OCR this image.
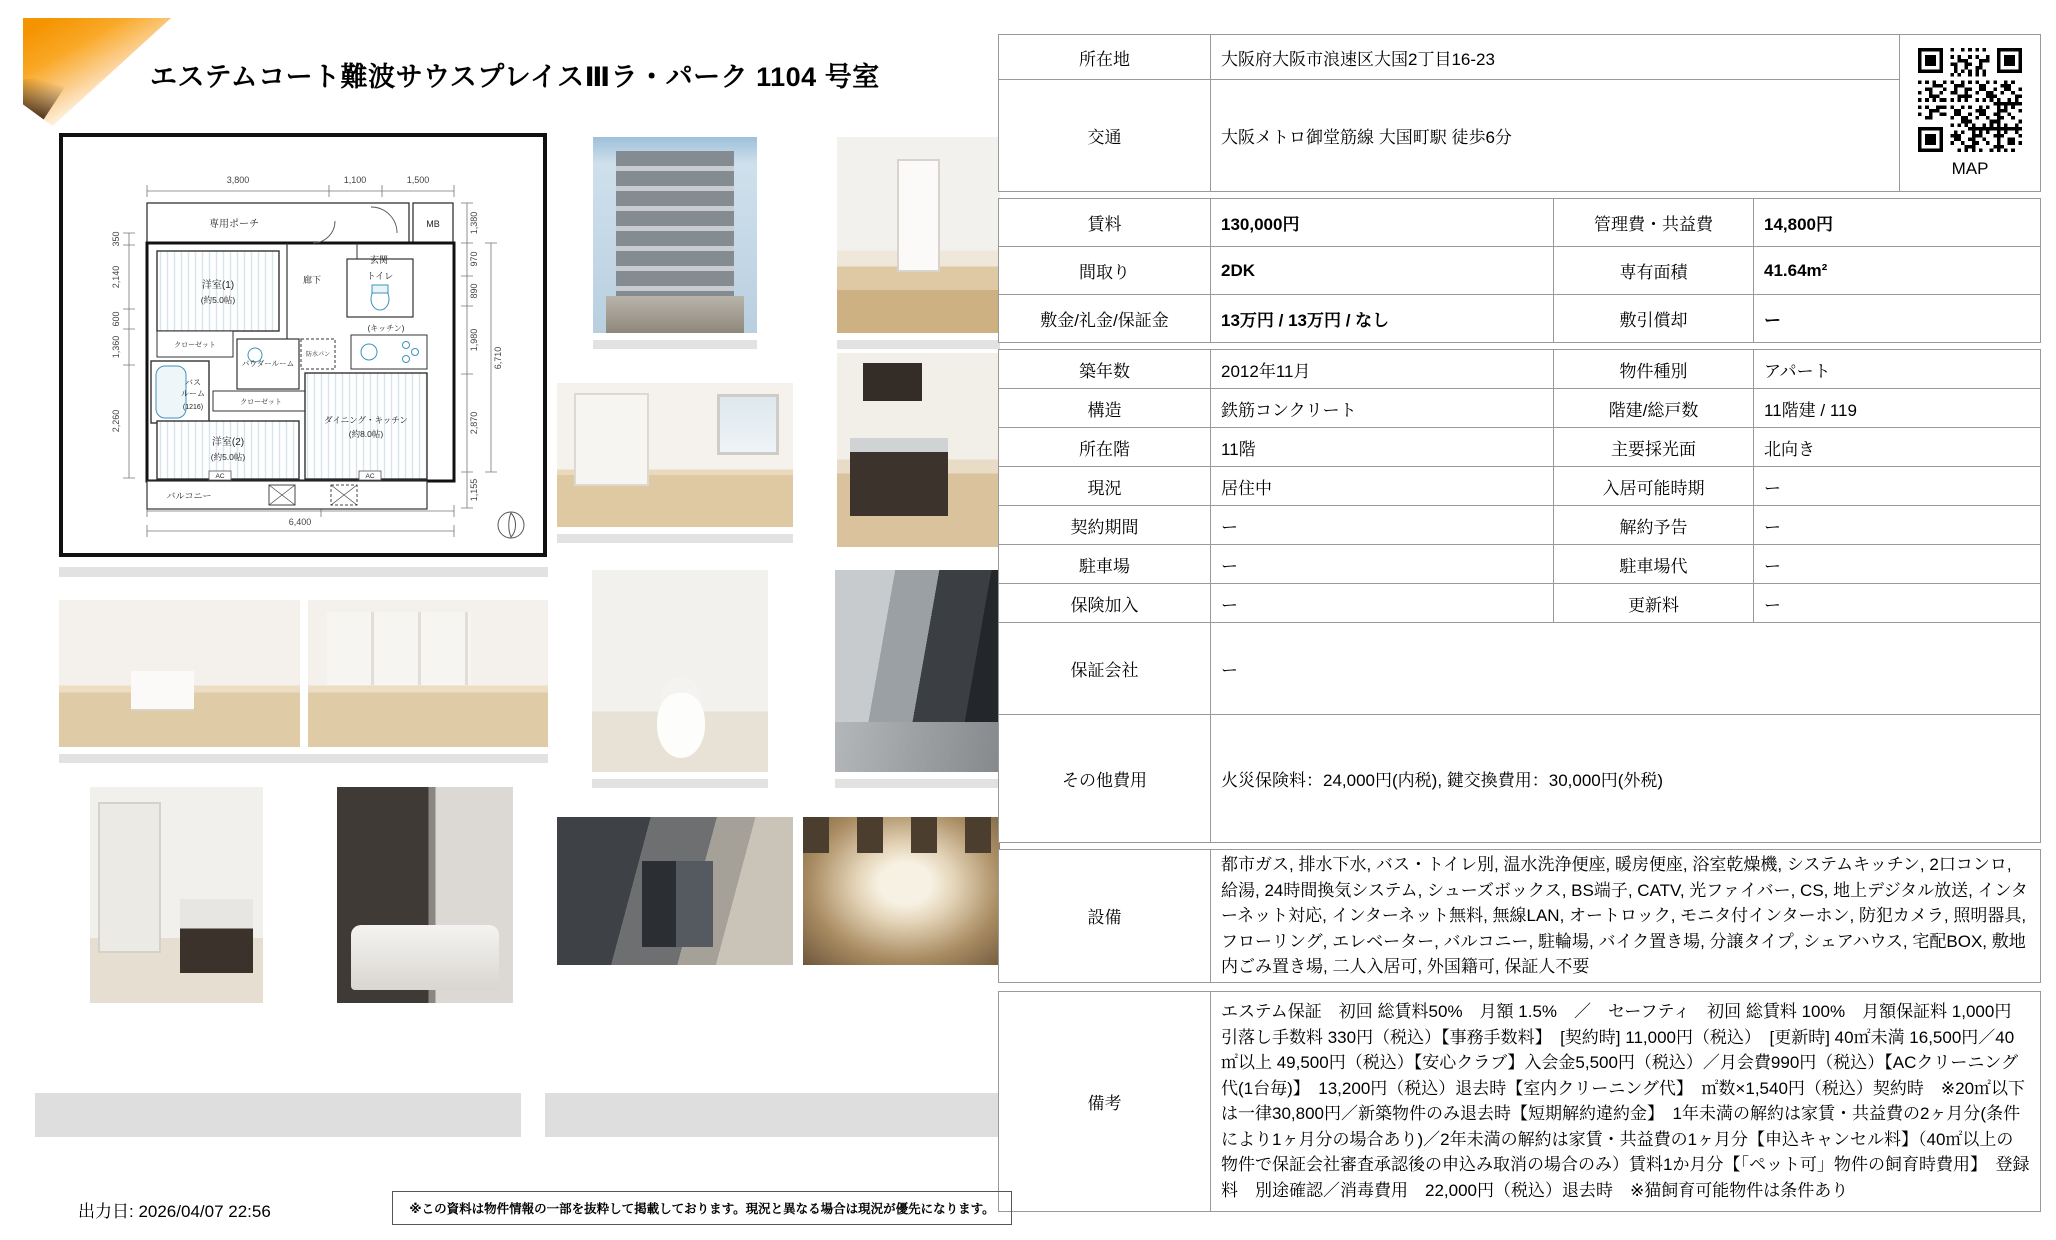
エステムコート難波サウスプレイスⅢラ・パーク 1104 号室
3,800	1,100	1,500
6,400
1,380
970
890
1,980
2,870
6,710
1,155
350
2,140
600
1,360
2,260
専用ポーチ
玄関
MB
洋室(1)
(約5.0帖)
廊下	トイレ
(キッチン)
クローゼット
パウダールーム
防水パン
バス
ルーム
(1216)
クローゼット
洋室(2)
(約5.0帖)
ダイニング・キッチン
(約8.0帖)
バルコニー
AC	AC
所在地	大阪府大阪市浪速区大国2丁目16-23	MAP

交通	大阪メトロ御堂筋線 大国町駅 徒歩6分	
賃料	130,000円	管理費・共益費	14,800円
間取り	2DK	専有面積	41.64m²
敷金/礼金/保証金	13万円 / 13万円 / なし	敷引償却	ー
築年数	2012年11月	物件種別	アパート
構造	鉄筋コンクリート	階建/総戸数	11階建 / 119
所在階	11階	主要採光面	北向き
現況	居住中	入居可能時期	ー
契約期間	ー	解約予告	ー
駐車場	ー	駐車場代	ー
保険加入	ー	更新料	ー
保証会社	ー		
その他費用	火災保険料：24,000円(内税), 鍵交換費用：30,000円(外税)		
設備	都市ガス, 排水下水, バス・トイレ別, 温水洗浄便座, 暖房便座, 浴室乾燥機, システムキッチン, 2口コンロ, 給湯, 24時間換気システム, シューズボックス, BS端子, CATV, 光ファイバー, CS, 地上デジタル放送, インターネット対応, インターネット無料, 無線LAN, オートロック, モニタ付インターホン, 防犯カメラ, 照明器具, フローリング, エレベーター, バルコニー, 駐輪場, バイク置き場, 分譲タイプ, シェアハウス, 宅配BOX, 敷地内ごみ置き場, 二人入居可, 外国籍可, 保証人不要
備考	エステム保証　初回 総賃料50%　月額 1.5%　／　セーフティ　初回 総賃料 100%　月額保証料 1,000円　引落し手数料 330円（税込）【事務手数料】　[契約時] 11,000円（税込）　[更新時] 40㎡未満 16,500円／40㎡以上 49,500円（税込）【安心クラブ】入会金5,500円（税込）／月会費990円（税込）【ACクリーニング代(1台毎)】　13,200円（税込）退去時【室内クリーニング代】　㎡数×1,540円（税込）契約時　※20㎡以下は一律30,800円／新築物件のみ退去時【短期解約違約金】　1年未満の解約は家賃・共益費の2ヶ月分(条件により1ヶ月分の場合あり)／2年未満の解約は家賃・共益費の1ヶ月分【申込キャンセル料】（40㎡以上の物件で保証会社審査承認後の申込み取消の場合のみ）賃料1か月分【「ペット可」物件の飼育時費用】　登録料　別途確認／消毒費用　22,000円（税込）退去時　※猫飼育可能物件は条件あり
出力日: 2026/04/07 22:56	※この資料は物件情報の一部を抜粋して掲載しております。現況と異なる場合は現況が優先になります。
